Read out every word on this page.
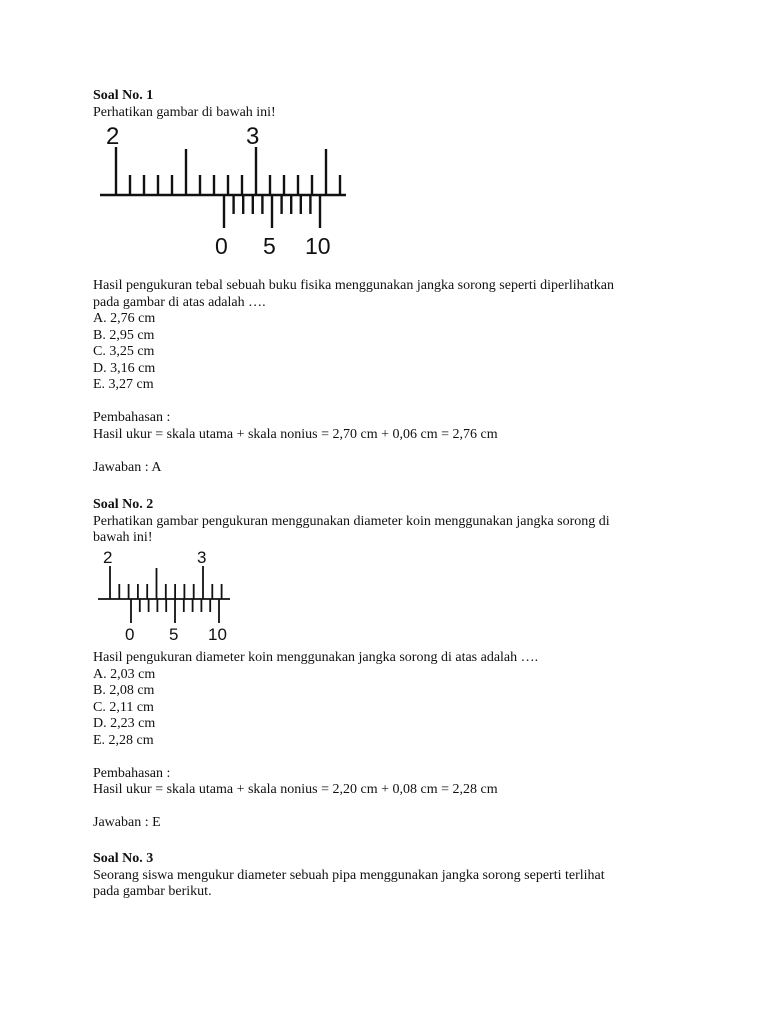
Soal No. 1
Perhatikan gambar di bawah ini!
2	3
0 5 10
Hasil pengukuran tebal sebuah buku fisika menggunakan jangka sorong seperti diperlihatkan
pada gambar di atas adalah ….
A. 2,76 cm
B. 2,95 cm
C. 3,25 cm
D. 3,16 cm
E. 3,27 cm

Pembahasan :
Hasil ukur = skala utama + skala nonius = 2,70 cm + 0,06 cm = 2,76 cm

Jawaban : A
Soal No. 2
Perhatikan gambar pengukuran menggunakan diameter koin menggunakan jangka sorong di
bawah ini!
2	3
0 5 10
Hasil pengukuran diameter koin menggunakan jangka sorong di atas adalah ….
A. 2,03 cm
B. 2,08 cm
C. 2,11 cm
D. 2,23 cm
E. 2,28 cm

Pembahasan :
Hasil ukur = skala utama + skala nonius = 2,20 cm + 0,08 cm = 2,28 cm

Jawaban : E
Soal No. 3
Seorang siswa mengukur diameter sebuah pipa menggunakan jangka sorong seperti terlihat
pada gambar berikut.
